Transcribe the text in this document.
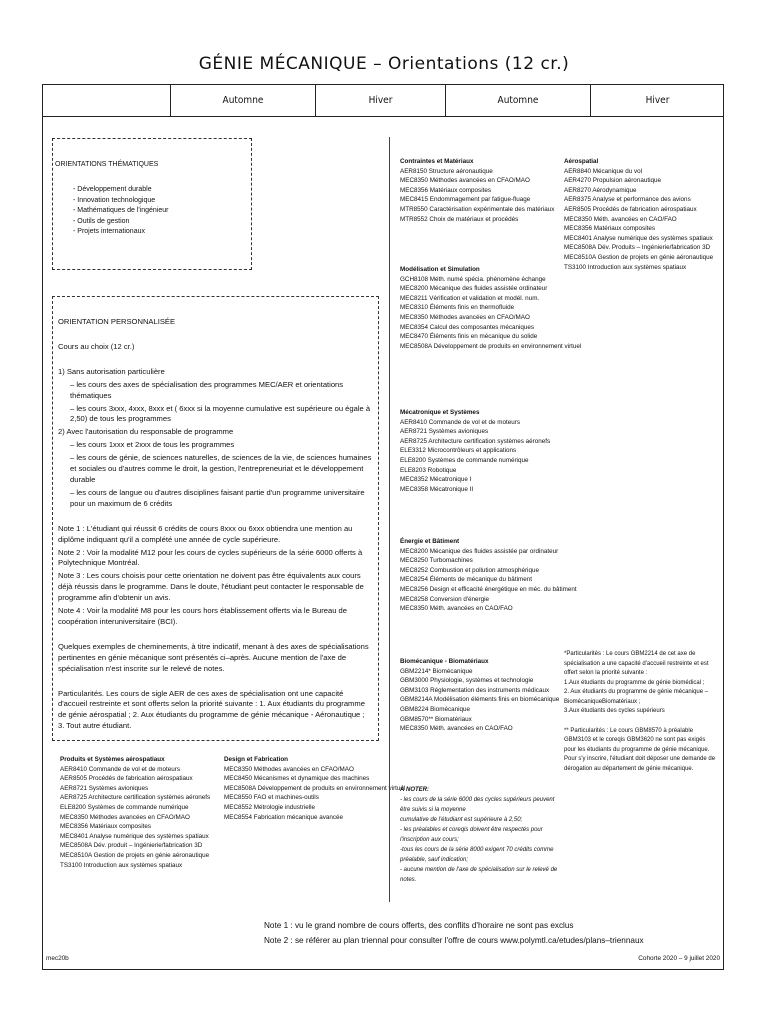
GÉNIE MÉCANIQUE – Orientations (12 cr.)
Automne	Hiver	Automne	Hiver
ORIENTATIONS THÉMATIQUES
- Développement durable
- Innovation technologique
- Mathématiques de l'ingénieur
- Outils de gestion
- Projets internationaux

ORIENTATION PERSONNALISÉE

Cours au choix (12 cr.)

1) Sans autorisation particulière

– les cours des axes de spécialisation des programmes MEC/AER et orientations thématiques

– les cours 3xxx, 4xxx, 8xxx et ( 6xxx si la moyenne cumulative est supérieure ou égale à 2,50) de tous les programmes

2) Avec l'autorisation du responsable de programme

– les cours 1xxx et 2xxx de tous les programmes

– les cours de génie, de sciences naturelles, de sciences de la vie, de sciences humaines et sociales ou d'autres comme le droit, la gestion, l'entrepreneuriat et le développement durable

– les cours de langue ou d'autres disciplines faisant partie d'un programme universitaire pour un maximum de 6 crédits

Note 1 : L'étudiant qui réussit 6 crédits de cours 8xxx ou 6xxx obtiendra une mention au diplôme indiquant qu'il a complété une année de cycle supérieure.

Note 2 : Voir la modalité M12 pour les cours de cycles supérieurs de la série 6000 offerts à Polytechnique Montréal.

Note 3 : Les cours choisis pour cette orientation ne doivent pas être équivalents aux cours déjà réussis dans le programme. Dans le doute, l'étudiant peut contacter le responsable de programme afin d'obtenir un avis.

Note 4 : Voir la modalité M8 pour les cours hors établissement offerts via le Bureau de coopération interuniversitaire (BCI).

Quelques exemples de cheminements, à titre indicatif, menant à des axes de spécialisations pertinentes en génie mécanique sont présentés ci–après. Aucune mention de l'axe de spécialisation n'est inscrite sur le relevé de notes.

Particularités. Les cours de sigle AER de ces axes de spécialisation ont une capacité d'accueil restreinte et sont offerts selon la priorité suivante : 1. Aux étudiants du programme de génie aérospatial ; 2. Aux étudiants du programme de génie mécanique - Aéronautique ; 3. Tout autre étudiant.

Produits et Systèmes aérospatiaux
AER8410 Commande de vol et de moteurs
AER8505 Procédés de fabrication aérospatiaux
AER8721 Systèmes avioniques
AER8725 Architecture certification systèmes aéronefs
ELE8200 Systèmes de commande numérique
MEC8350 Méthodes avancées en CFAO/MAO
MEC8356 Matériaux composites
MEC8401 Analyse numérique des systèmes spatiaux
MEC8508A Dév. produit – Ingénierie/fabrication 3D
MEC8510A Gestion de projets en génie aéronautique
TS3100 Introduction aux systèmes spatiaux
Design et Fabrication
MEC8350 Méthodes avancées en CFAO/MAO
MEC8450 Mécanismes et dynamique des machines
MEC8508A Développement de produits en environnement virtuel
MEC8550 FAO et machines-outils
MEC8552 Métrologie industrielle
MEC8554 Fabrication mécanique avancée
Contraintes et Matériaux
AER8150 Structure aéronautique
MEC8350 Méthodes avancées en CFAO/MAO
MEC8356 Matériaux composites
MEC8415 Endommagement par fatigue-fluage
MTR8550 Caractérisation expérimentale des matériaux
MTR8552 Choix de matériaux et procédés
Modélisation et Simulation
GCH8108 Méth. numé spécia. phénomène échange
MEC8200 Mécanique des fluides assistée ordinateur
MEC8211 Vérification et validation et modél. num.
MEC8310 Éléments finis en thermofluide
MEC8350 Méthodes avancées en CFAO/MAO
MEC8354 Calcul des composantes mécaniques
MEC8470 Éléments finis en mécanique du solide
MEC8508A Développement de produits en environnement virtuel
Mécatronique et Systèmes
AER8410 Commande de vol et de moteurs
AER8721 Systèmes avioniques
AER8725 Architecture certification systèmes aéronefs
ELE3312 Microcontrôleurs et applications
ELE8200 Systèmes de commande numérique
ELE8203 Robotique
MEC8352 Mécatronique I
MEC8358 Mécatronique II
Énergie et Bâtiment
MEC8200 Mécanique des fluides assistée par ordinateur
MEC8250 Turbomachines
MEC8252 Combustion et pollution atmosphérique
MEC8254 Éléments de mécanique du bâtiment
MEC8256 Design et efficacité énergétique en méc. du bâtiment
MEC8258 Conversion d'énergie
MEC8350 Méth. avancées en CAO/FAO
Biomécanique - Biomatériaux
GBM2214* Biomécanique
GBM3000 Physiologie, systèmes et technologie
GBM3103 Réglementation des instruments médicaux
GBM8214A Modélisation éléments finis en biomécanique
GBM8224 Biomécanique
GBM8570** Biomatériaux
MEC8350 Méth. avancées en CAO/FAO
Aérospatial
AER8840 Mécanique du vol
AER4270 Propulsion aéronautique
AER8270 Aérodynamique
AER8375 Analyse et performance des avions
AER8505 Procédés de fabrication aérospatiaux
MEC8350 Méth. avancées en CAO/FAO
MEC8356 Matériaux composites
MEC8401 Analyse numérique des systèmes spatiaux
MEC8508A Dév. Produits – Ingénierie/fabrication 3D
MEC8510A Gestion de projets en génie aéronautique
TS3100 Introduction aux systèmes spatiaux
*Particularités : Le cours GBM2214 de cet axe de spécialisation a une capacité d'accueil restreinte et est offert selon la priorité suivante :
1.Aux étudiants du programme de génie biomédical ;
2. Aux étudiants du programme de génie mécanique – BiomécaniqueBiomatériaux ;
3.Aux étudiants des cycles supérieurs
** Particularités : Le cours GBM8570 à préalable GBM3103 et le coreqis GBM3620 ne sont pas exigés pour les étudiants du programme de génie mécanique. Pour s'y inscrire, l'étudiant doit déposer une demande de dérogation au département de génie mécanique.
À NOTER:
- les cours de la série 6000 des cycles supérieurs peuvent être suivis si la moyenne
cumulative de l'étudiant est supérieure à 2,50;
- les préalables et coreqis doivent être respectés pour l'inscription aux cours;
-tous les cours de la série 8000 exigent 70 crédits comme préalable, sauf indication;
- aucune mention de l'axe de spécialisation sur le relevé de notes.
Note 1 : vu le grand nombre de cours offerts, des conflits d'horaire ne sont pas exclus
Note 2 : se référer au plan triennal pour consulter l'offre de cours www.polymtl.ca/etudes/plans–triennaux
mec20b	Cohorte 2020 – 9 juillet 2020
